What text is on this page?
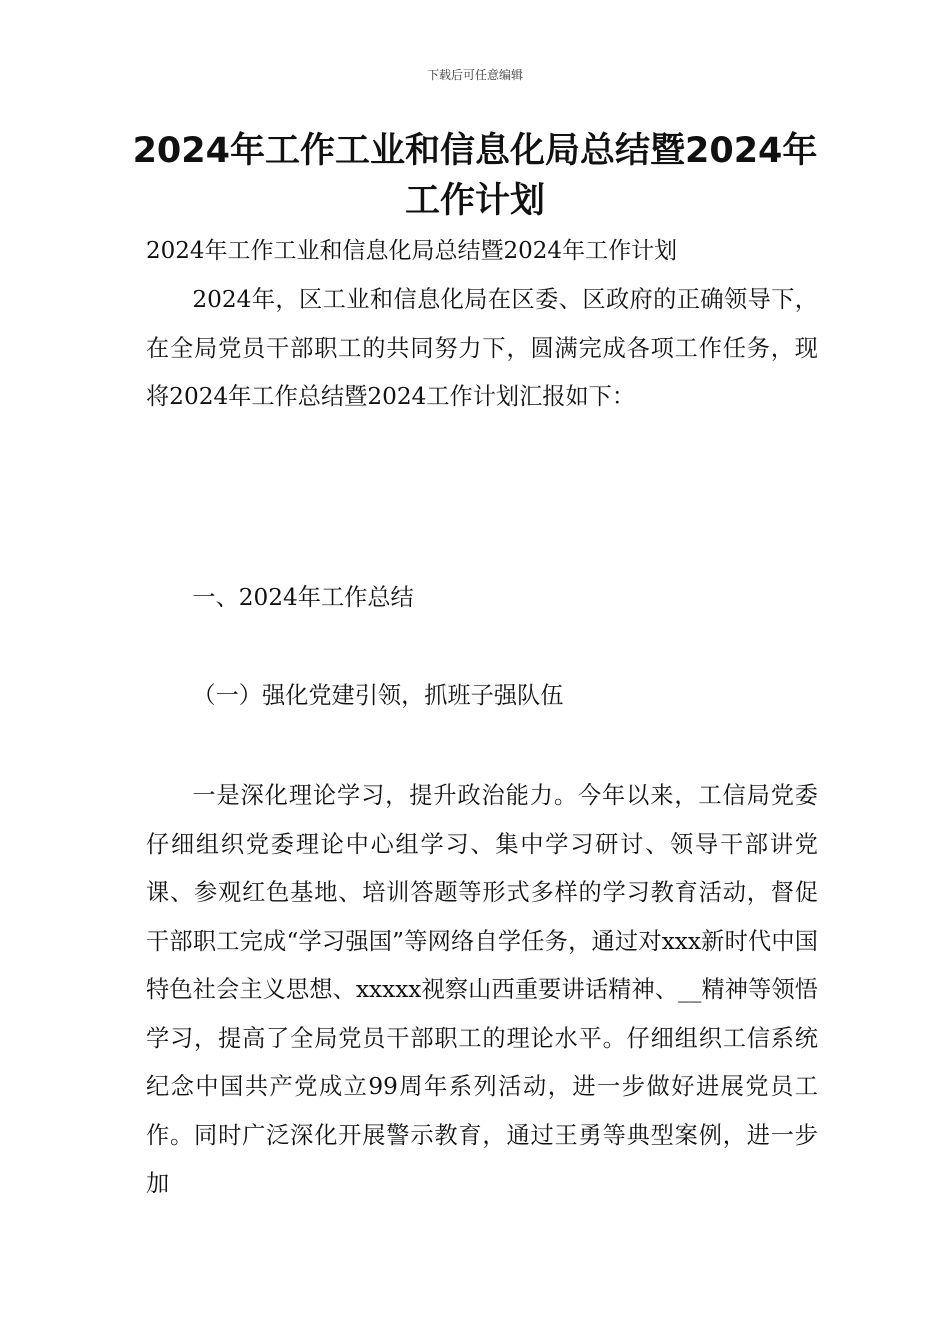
下载后可任意编辑
2024年工作工业和信息化局总结暨2024年
工作计划
2024年工作工业和信息化局总结暨2024年工作计划

2024年，区工业和信息化局在区委、区政府的正确领导下，在全局党员干部职工的共同努力下，圆满完成各项工作任务，现将2024年工作总结暨2024工作计划汇报如下：

一、2024年工作总结
（一）强化党建引领，抓班子强队伍

一是深化理论学习，提升政治能力。今年以来，工信局党委仔细组织党委理论中心组学习、集中学习研讨、领导干部讲党课、参观红色基地、培训答题等形式多样的学习教育活动，督促干部职工完成“学习强国”等网络自学任务，通过对xxx新时代中国特色社会主义思想、xxxxx视察山西重要讲话精神、__精神等领悟学习，提高了全局党员干部职工的理论水平。仔细组织工信系统纪念中国共产党成立99周年系列活动，进一步做好进展党员工作。同时广泛深化开展警示教育，通过王勇等典型案例，进一步加
